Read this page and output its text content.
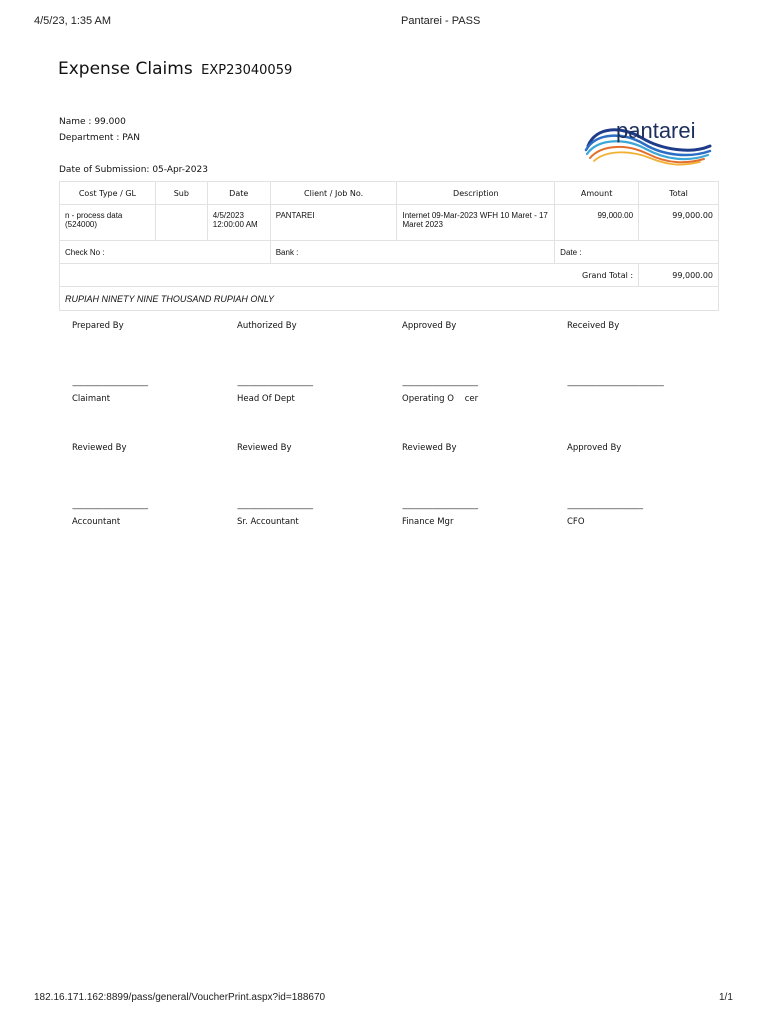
4/5/23, 1:35 AM	Pantarei - PASS
Expense Claims EXP23040059
Name : 99.000
Department : PAN
Date of Submission: 05-Apr-2023
pantarei
Cost Type / GL	Sub	Date	Client / Job No.	Description	Amount	Total
n - process data (524000)		4/5/2023 12:00:00 AM	PANTAREI	Internet 09-Mar-2023 WFH 10 Maret - 17 Maret 2023	99,000.00	99,000.00
Check No :			Bank :		Date :	
Grand Total :						99,000.00
RUPIAH NINETY NINE THOUSAND RUPIAH ONLY						
Prepared By	Authorized By	Approved By	Received By
----------------------------------------	----------------------------------------	----------------------------------------	---------------------------------------------------
Claimant	Head Of Dept	Operating O    cer
Reviewed By	Reviewed By	Reviewed By	Approved By
----------------------------------------	----------------------------------------	----------------------------------------	----------------------------------------
Accountant	Sr. Accountant	Finance Mgr	CFO
182.16.171.162:8899/pass/general/VoucherPrint.aspx?id=188670	1/1
